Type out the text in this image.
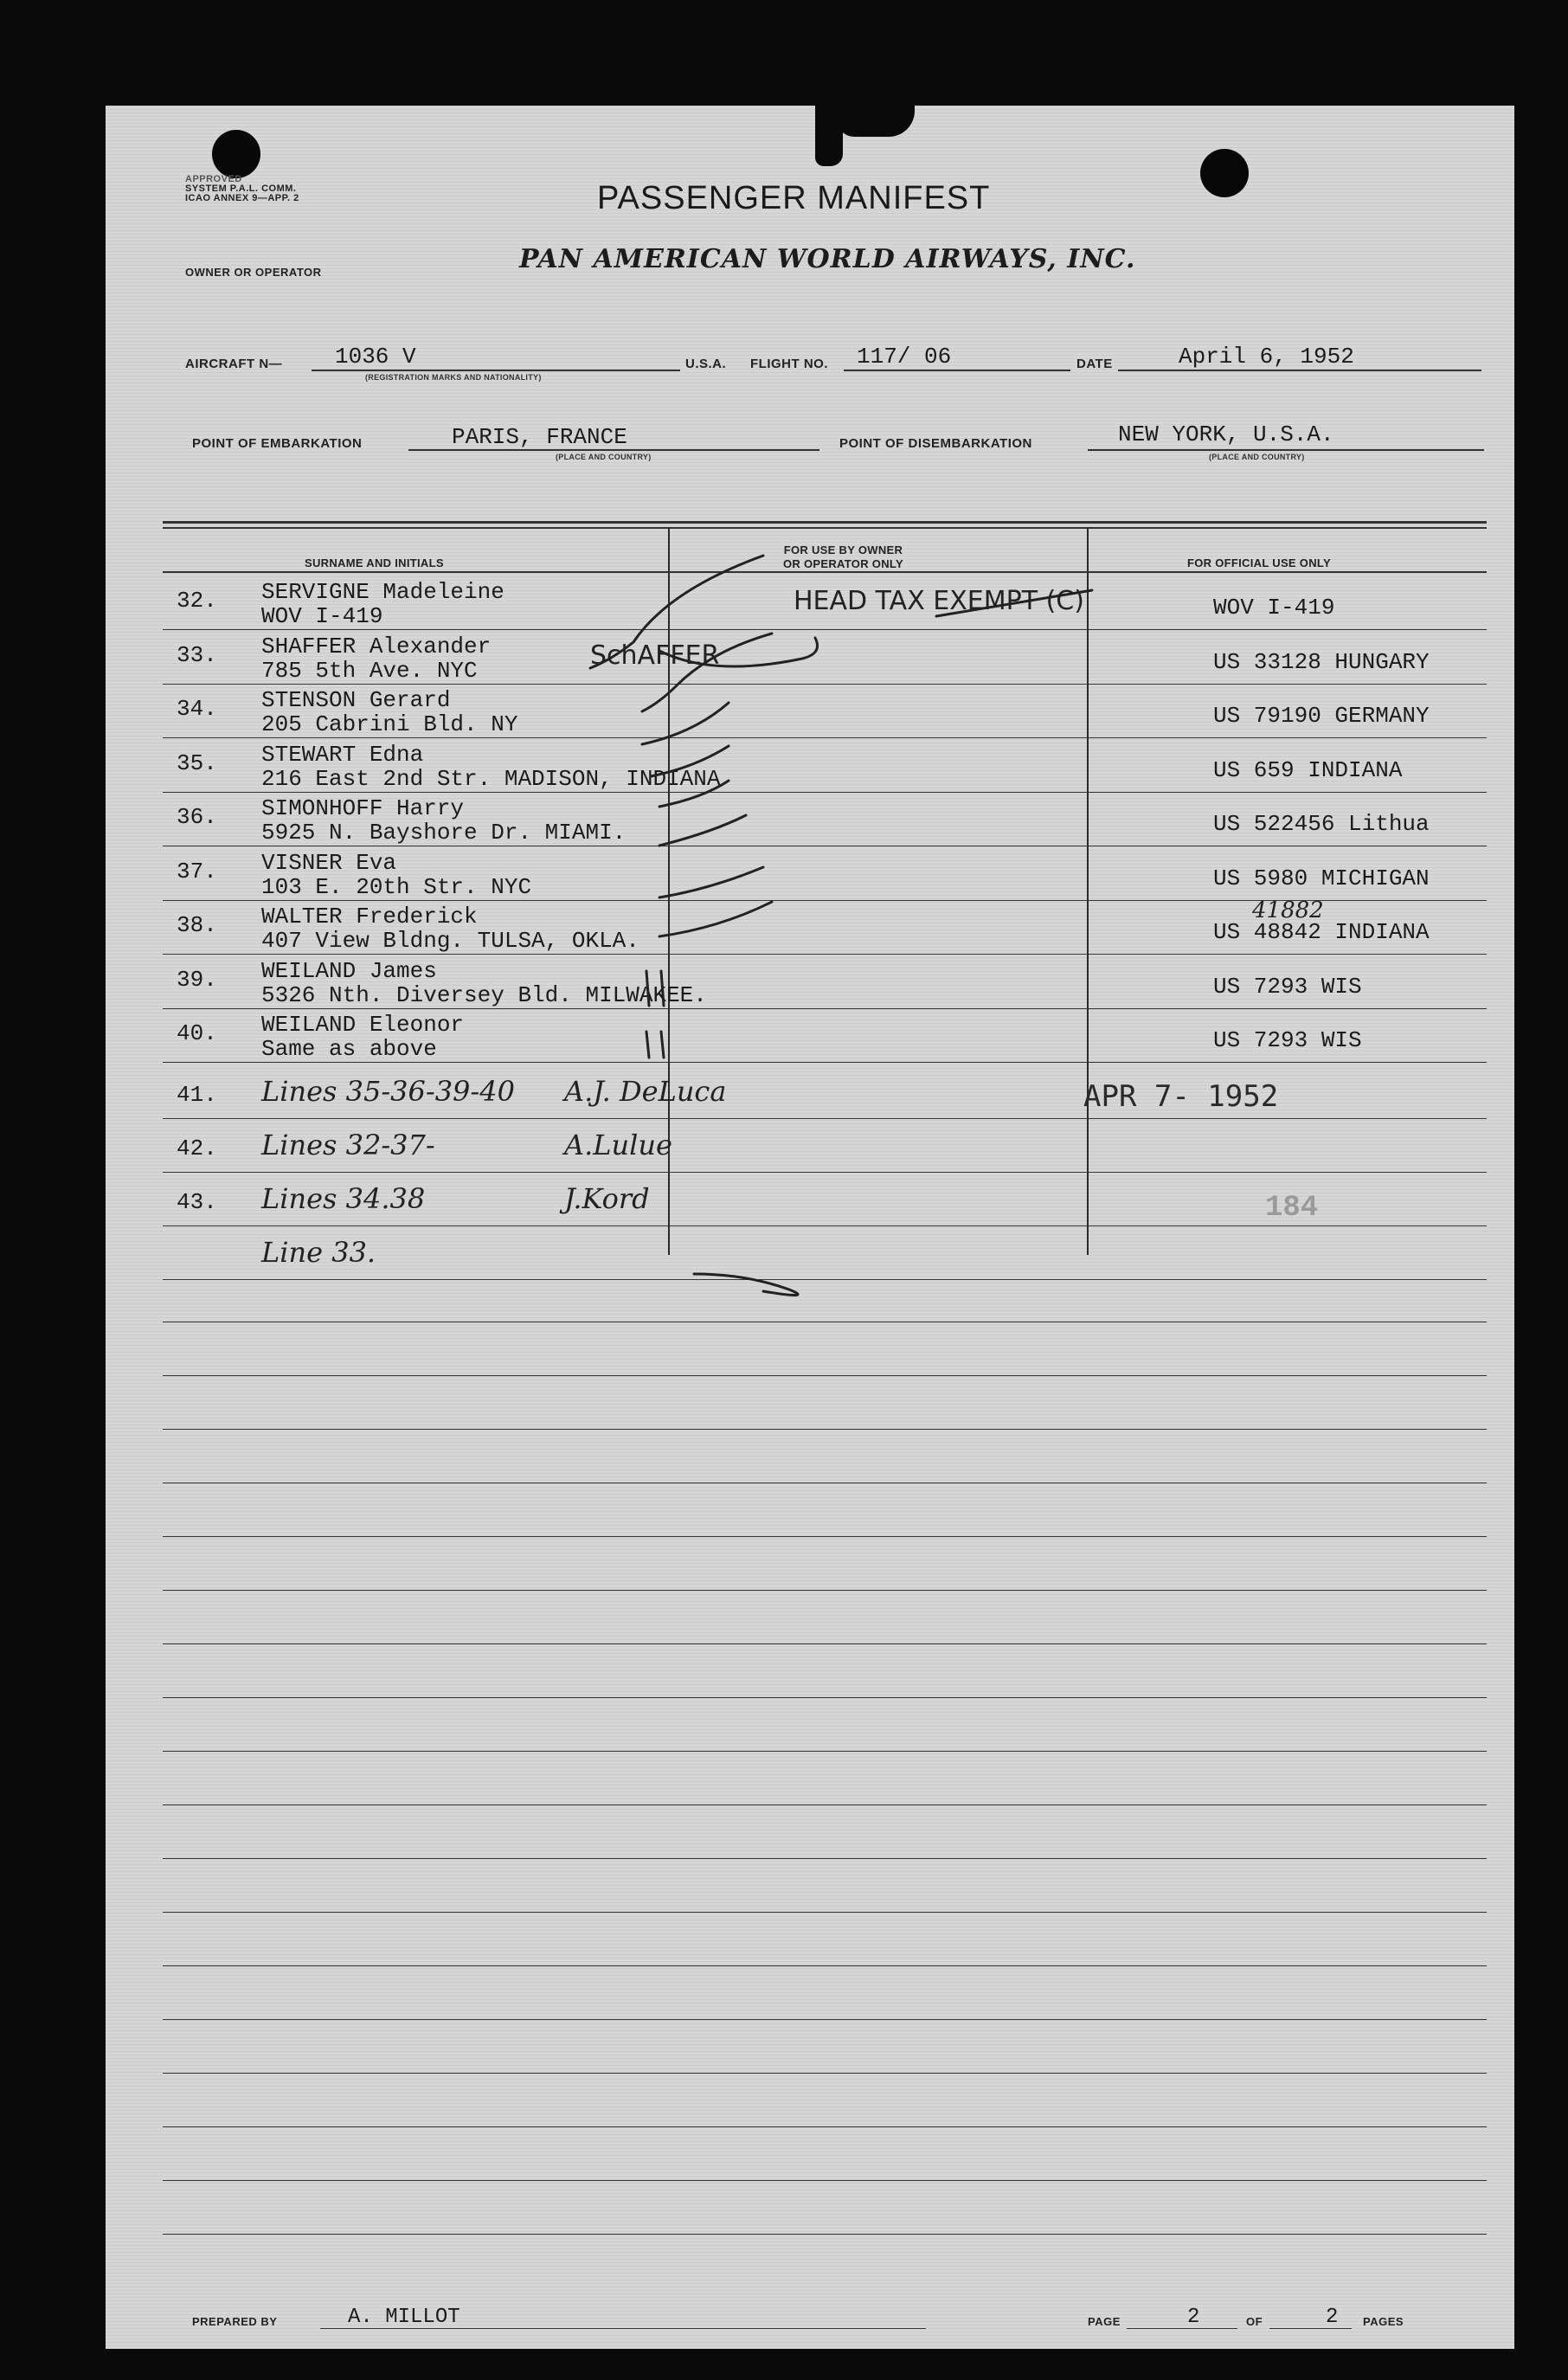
APPROVED
SYSTEM P.A.L. COMM.
ICAO ANNEX 9—APP. 2	PASSENGER MANIFEST
OWNER OR OPERATOR	PAN AMERICAN WORLD AIRWAYS, INC.
AIRCRAFT N— 1036 V
(REGISTRATION MARKS AND NATIONALITY)
U.S.A. FLIGHT NO. 117/ 06	DATE	April 6, 1952
POINT OF EMBARKATION	PARIS, FRANCE
(PLACE AND COUNTRY)
POINT OF DISEMBARKATION	NEW YORK, U.S.A.
(PLACE AND COUNTRY)
SURNAME AND INITIALS
FOR USE BY OWNER
OR OPERATOR ONLY	FOR OFFICIAL USE ONLY
32. SERVIGNE Madeleine
WOV I-419	WOV I-419
33. SHAFFER Alexander
785 5th Ave. NYC	US 33128 HUNGARY
34. STENSON Gerard
205 Cabrini Bld. NY	US 79190 GERMANY
35. STEWART Edna
216 East 2nd Str. MADISON, INDIANA	US 659 INDIANA
36. SIMONHOFF Harry
5925 N. Bayshore Dr. MIAMI.	US 522456 Lithua
37. VISNER Eva
103 E. 20th Str. NYC	US 5980 MICHIGAN
38. WALTER Frederick
407 View Bldng. TULSA, OKLA.	US 48842 INDIANA
39. WEILAND James
5326 Nth. Diversey Bld. MILWAKEE.	US 7293 WIS
40. WEILAND Eleonor
Same as above	US 7293 WIS
41. Lines 35-36-39-40 A.J. DeLuca
42. Lines 32-37-	A.Lulue
43. Lines 34.38	J.Kord
Line 33.
HEAD TAX EXEMPT (C)
SchAFFER
41882
APR 7- 1952
184
PREPARED BY	A. MILLOT	PAGE	2	OF	2 PAGES
